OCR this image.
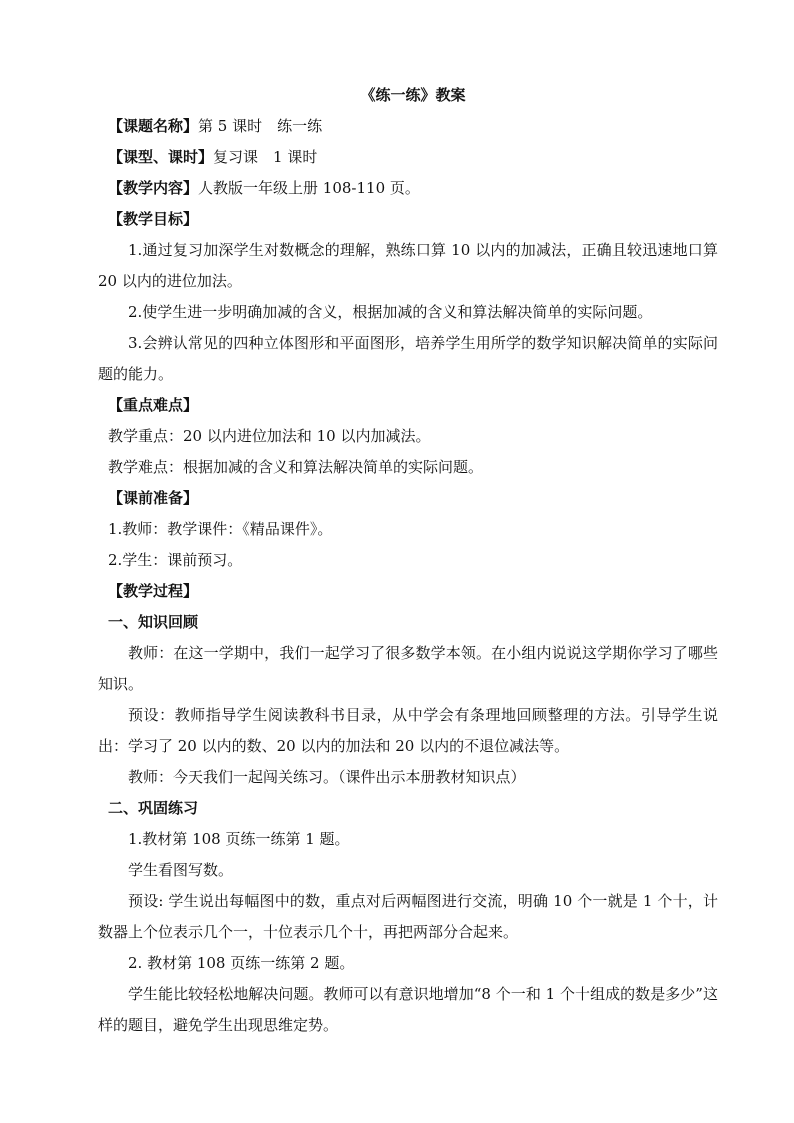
《练一练》教案
【课题名称】第 5 课时　练一练
【课型、课时】复习课　1 课时
【教学内容】人教版一年级上册 108-110 页。
【教学目标】
1.通过复习加深学生对数概念的理解，熟练口算 10 以内的加减法，正确且较迅速地口算 20 以内的进位加法。
2.使学生进一步明确加减的含义，根据加减的含义和算法解决简单的实际问题。
3.会辨认常见的四种立体图形和平面图形，培养学生用所学的数学知识解决简单的实际问题的能力。
【重点难点】
教学重点：20 以内进位加法和 10 以内加减法。
教学难点：根据加减的含义和算法解决简单的实际问题。
【课前准备】
1.教师：教学课件：《精品课件》。
2.学生：课前预习。
【教学过程】
一、知识回顾
教师：在这一学期中，我们一起学习了很多数学本领。在小组内说说这学期你学习了哪些知识。
预设：教师指导学生阅读教科书目录，从中学会有条理地回顾整理的方法。引导学生说出：学习了 20 以内的数、20 以内的加法和 20 以内的不退位减法等。
教师：今天我们一起闯关练习。（课件出示本册教材知识点）
二、巩固练习
1.教材第 108 页练一练第 1 题。
学生看图写数。
预设: 学生说出每幅图中的数，重点对后两幅图进行交流，明确 10 个一就是 1 个十，计数器上个位表示几个一，十位表示几个十，再把两部分合起来。
2. 教材第 108 页练一练第 2 题。
学生能比较轻松地解决问题。教师可以有意识地增加“8 个一和 1 个十组成的数是多少”这样的题目，避免学生出现思维定势。
